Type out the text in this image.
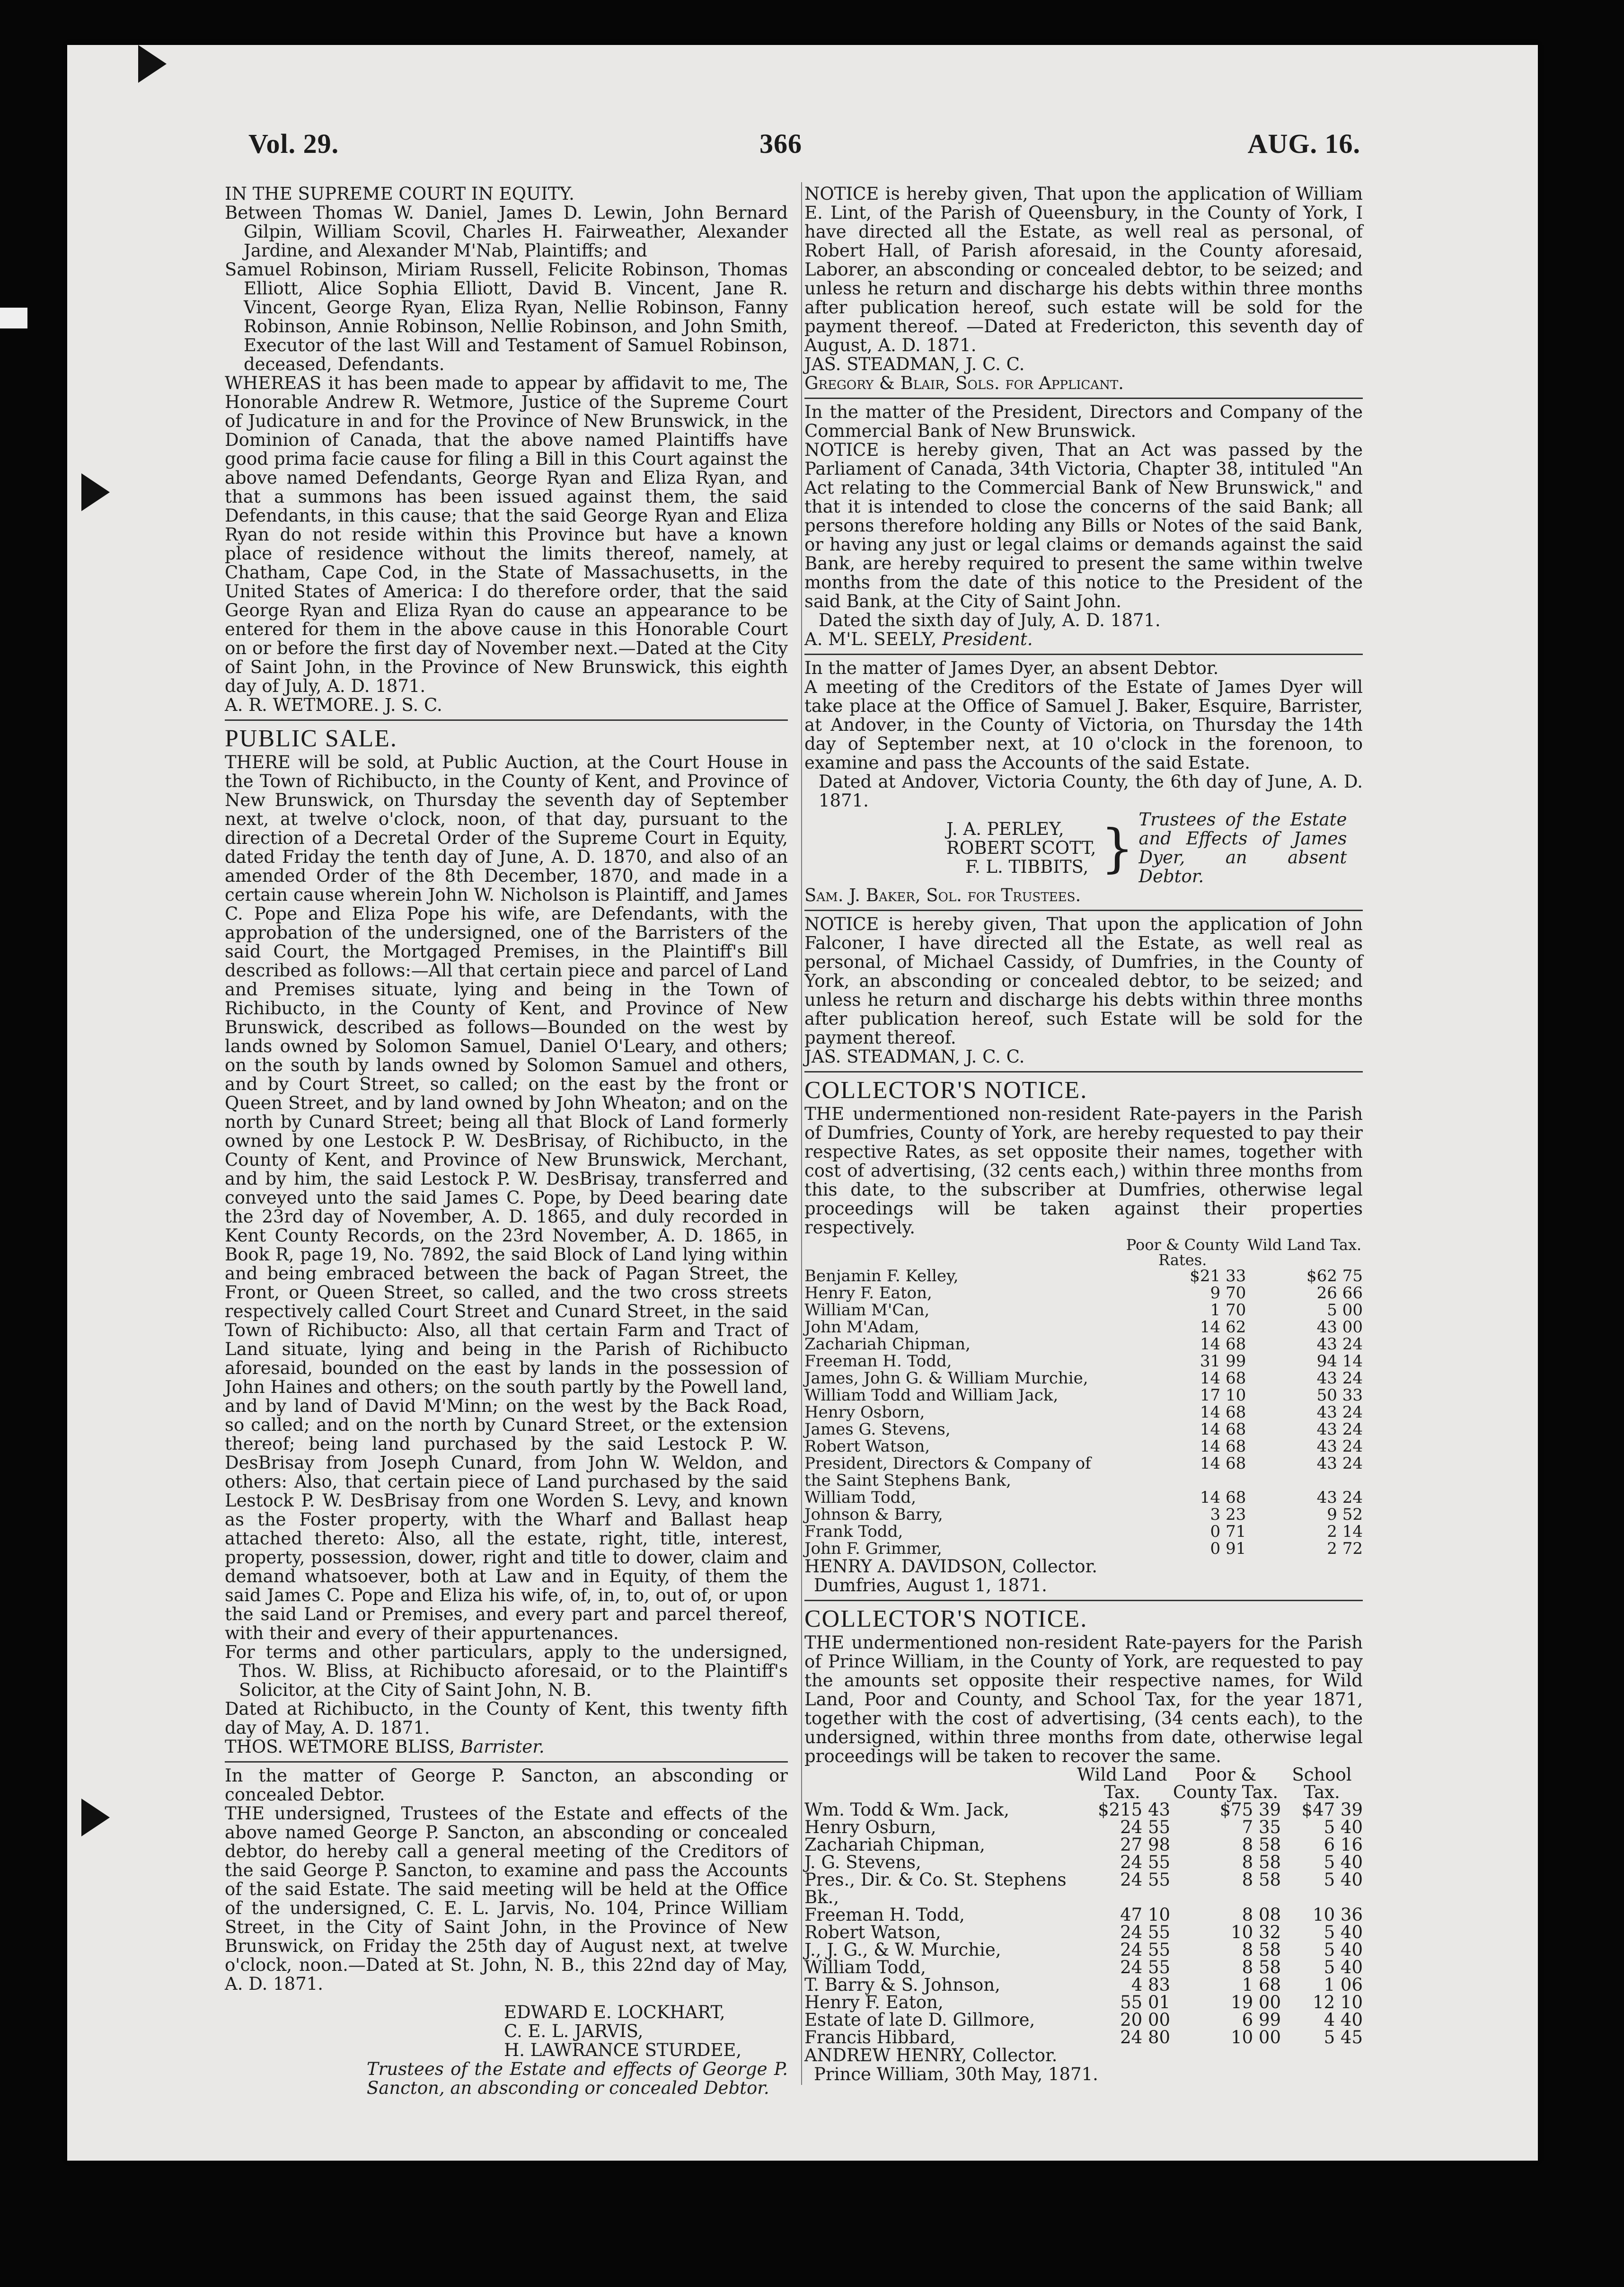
Vol. 29.	366	AUG. 16.

IN THE SUPREME COURT IN EQUITY.

Between Thomas W. Daniel, James D. Lewin, John Bernard Gilpin, William Scovil, Charles H. Fairweather, Alexander Jardine, and Alexander M'Nab, Plaintiffs; and

Samuel Robinson, Miriam Russell, Felicite Robinson, Thomas Elliott, Alice Sophia Elliott, David B. Vincent, Jane R. Vincent, George Ryan, Eliza Ryan, Nellie Robinson, Fanny Robinson, Annie Robinson, Nellie Robinson, and John Smith, Executor of the last Will and Testament of Samuel Robinson, deceased, Defendants.

WHEREAS it has been made to appear by affidavit to me, The Honorable Andrew R. Wetmore, Justice of the Supreme Court of Judicature in and for the Province of New Brunswick, in the Dominion of Canada, that the above named Plaintiffs have good prima facie cause for filing a Bill in this Court against the above named Defendants, George Ryan and Eliza Ryan, and that a summons has been issued against them, the said Defendants, in this cause; that the said George Ryan and Eliza Ryan do not reside within this Province but have a known place of residence without the limits thereof, namely, at Chatham, Cape Cod, in the State of Massachusetts, in the United States of America: I do therefore order, that the said George Ryan and Eliza Ryan do cause an appearance to be entered for them in the above cause in this Honorable Court on or before the first day of November next.—Dated at the City of Saint John, in the Province of New Brunswick, this eighth day of July, A. D. 1871.

A. R. WETMORE. J. S. C.

PUBLIC SALE.

THERE will be sold, at Public Auction, at the Court House in the Town of Richibucto, in the County of Kent, and Province of New Brunswick, on Thursday the seventh day of September next, at twelve o'clock, noon, of that day, pursuant to the direction of a Decretal Order of the Supreme Court in Equity, dated Friday the tenth day of June, A. D. 1870, and also of an amended Order of the 8th December, 1870, and made in a certain cause wherein John W. Nicholson is Plaintiff, and James C. Pope and Eliza Pope his wife, are Defendants, with the approbation of the undersigned, one of the Barristers of the said Court, the Mortgaged Premises, in the Plaintiff's Bill described as follows:—All that certain piece and parcel of Land and Premises situate, lying and being in the Town of Richibucto, in the County of Kent, and Province of New Brunswick, described as follows—Bounded on the west by lands owned by Solomon Samuel, Daniel O'Leary, and others; on the south by lands owned by Solomon Samuel and others, and by Court Street, so called; on the east by the front or Queen Street, and by land owned by John Wheaton; and on the north by Cunard Street; being all that Block of Land formerly owned by one Lestock P. W. DesBrisay, of Richibucto, in the County of Kent, and Province of New Brunswick, Merchant, and by him, the said Lestock P. W. DesBrisay, transferred and conveyed unto the said James C. Pope, by Deed bearing date the 23rd day of November, A. D. 1865, and duly recorded in Kent County Records, on the 23rd November, A. D. 1865, in Book R, page 19, No. 7892, the said Block of Land lying within and being embraced between the back of Pagan Street, the Front, or Queen Street, so called, and the two cross streets respectively called Court Street and Cunard Street, in the said Town of Richibucto: Also, all that certain Farm and Tract of Land situate, lying and being in the Parish of Richibucto aforesaid, bounded on the east by lands in the possession of John Haines and others; on the south partly by the Powell land, and by land of David M'Minn; on the west by the Back Road, so called; and on the north by Cunard Street, or the extension thereof; being land purchased by the said Lestock P. W. DesBrisay from Joseph Cunard, from John W. Weldon, and others: Also, that certain piece of Land purchased by the said Lestock P. W. DesBrisay from one Worden S. Levy, and known as the Foster property, with the Wharf and Ballast heap attached thereto: Also, all the estate, right, title, interest, property, possession, dower, right and title to dower, claim and demand whatsoever, both at Law and in Equity, of them the said James C. Pope and Eliza his wife, of, in, to, out of, or upon the said Land or Premises, and every part and parcel thereof, with their and every of their appurtenances.

For terms and other particulars, apply to the undersigned, Thos. W. Bliss, at Richibucto aforesaid, or to the Plaintiff's Solicitor, at the City of Saint John, N. B.

Dated at Richibucto, in the County of Kent, this twenty fifth day of May, A. D. 1871.

THOS. WETMORE BLISS, Barrister.

In the matter of George P. Sancton, an absconding or concealed Debtor.

THE undersigned, Trustees of the Estate and effects of the above named George P. Sancton, an absconding or concealed debtor, do hereby call a general meeting of the Creditors of the said George P. Sancton, to examine and pass the Accounts of the said Estate. The said meeting will be held at the Office of the undersigned, C. E. L. Jarvis, No. 104, Prince William Street, in the City of Saint John, in the Province of New Brunswick, on Friday the 25th day of August next, at twelve o'clock, noon.—Dated at St. John, N. B., this 22nd day of May, A. D. 1871.

EDWARD E. LOCKHART,

C. E. L. JARVIS,

H. LAWRANCE STURDEE,

Trustees of the Estate and effects of George P. Sancton, an absconding or concealed Debtor.

NOTICE is hereby given, That upon the application of William E. Lint, of the Parish of Queensbury, in the County of York, I have directed all the Estate, as well real as personal, of Robert Hall, of Parish aforesaid, in the County aforesaid, Laborer, an absconding or concealed debtor, to be seized; and unless he return and discharge his debts within three months after publication hereof, such estate will be sold for the payment thereof. —Dated at Fredericton, this seventh day of August, A. D. 1871.

JAS. STEADMAN, J. C. C.

Gregory & Blair, Sols. for Applicant.

In the matter of the President, Directors and Company of the Commercial Bank of New Brunswick.

NOTICE is hereby given, That an Act was passed by the Parliament of Canada, 34th Victoria, Chapter 38, intituled "An Act relating to the Commercial Bank of New Brunswick," and that it is intended to close the concerns of the said Bank; all persons therefore holding any Bills or Notes of the said Bank, or having any just or legal claims or demands against the said Bank, are hereby required to present the same within twelve months from the date of this notice to the President of the said Bank, at the City of Saint John.

Dated the sixth day of July, A. D. 1871.

A. M'L. SEELY, President.

In the matter of James Dyer, an absent Debtor.

A meeting of the Creditors of the Estate of James Dyer will take place at the Office of Samuel J. Baker, Esquire, Barrister, at Andover, in the County of Victoria, on Thursday the 14th day of September next, at 10 o'clock in the forenoon, to examine and pass the Accounts of the said Estate.

Dated at Andover, Victoria County, the 6th day of June, A. D. 1871.

J. A. PERLEY,

ROBERT SCOTT,

F. L. TIBBITS, } Trustees of the Estate and Effects of James Dyer, an absent Debtor.

Sam. J. Baker, Sol. for Trustees.

NOTICE is hereby given, That upon the application of John Falconer, I have directed all the Estate, as well real as personal, of Michael Cassidy, of Dumfries, in the County of York, an absconding or concealed debtor, to be seized; and unless he return and discharge his debts within three months after publication hereof, such Estate will be sold for the payment thereof.

JAS. STEADMAN, J. C. C.

COLLECTOR'S NOTICE.

THE undermentioned non-resident Rate-payers in the Parish of Dumfries, County of York, are hereby requested to pay their respective Rates, as set opposite their names, together with cost of advertising, (32 cents each,) within three months from this date, to the subscriber at Dumfries, otherwise legal proceedings will be taken against their properties respectively.

	Poor & County Rates.	Wild Land Tax.
Benjamin F. Kelley,	$21 33	$62 75
Henry F. Eaton,	9 70	26 66
William M'Can,	1 70	5 00
John M'Adam,	14 62	43 00
Zachariah Chipman,	14 68	43 24
Freeman H. Todd,	31 99	94 14
James, John G. & William Murchie,	14 68	43 24
William Todd and William Jack,	17 10	50 33
Henry Osborn,	14 68	43 24
James G. Stevens,	14 68	43 24
Robert Watson,	14 68	43 24
President, Directors & Company of the Saint Stephens Bank,	14 68	43 24
William Todd,	14 68	43 24
Johnson & Barry,	3 23	9 52
Frank Todd,	0 71	2 14
John F. Grimmer,	0 91	2 72

HENRY A. DAVIDSON, Collector.

Dumfries, August 1, 1871.

COLLECTOR'S NOTICE.

THE undermentioned non-resident Rate-payers for the Parish of Prince William, in the County of York, are requested to pay the amounts set opposite their respective names, for Wild Land, Poor and County, and School Tax, for the year 1871, together with the cost of advertising, (34 cents each), to the undersigned, within three months from date, otherwise legal proceedings will be taken to recover the same.

	Wild Land Tax.	Poor & County Tax.	School Tax.
Wm. Todd & Wm. Jack,	$215 43	$75 39	$47 39
Henry Osburn,	24 55	7 35	5 40
Zachariah Chipman,	27 98	8 58	6 16
J. G. Stevens,	24 55	8 58	5 40
Pres., Dir. & Co. St. Stephens Bk.,	24 55	8 58	5 40
Freeman H. Todd,	47 10	8 08	10 36
Robert Watson,	24 55	10 32	5 40
J., J. G., & W. Murchie,	24 55	8 58	5 40
William Todd,	24 55	8 58	5 40
T. Barry & S. Johnson,	4 83	1 68	1 06
Henry F. Eaton,	55 01	19 00	12 10
Estate of late D. Gillmore,	20 00	6 99	4 40
Francis Hibbard,	24 80	10 00	5 45

ANDREW HENRY, Collector.

Prince William, 30th May, 1871.
